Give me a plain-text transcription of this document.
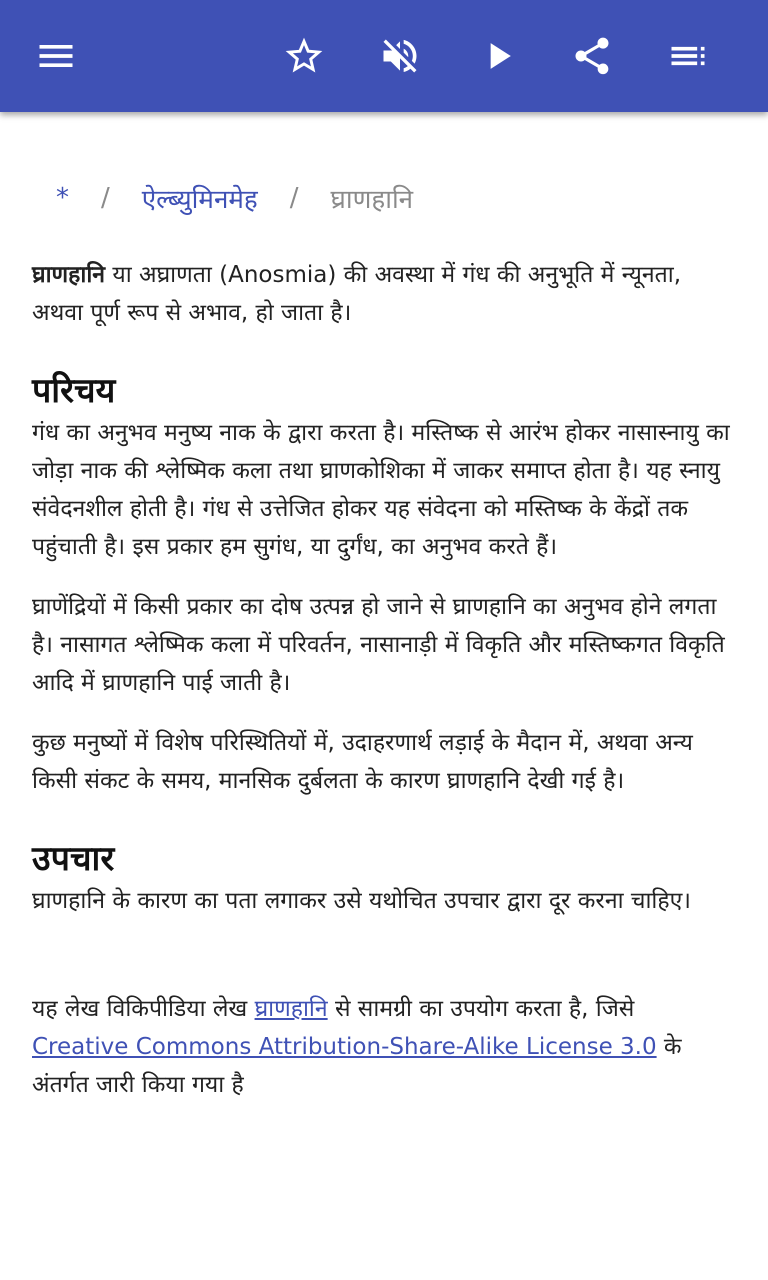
* / ऐल्ब्युमिनमेह / घ्राणहानि

घ्राणहानि या अघ्राणता (Anosmia) की अवस्था में गंध की अनुभूति में न्यूनता, अथवा पूर्ण रूप से अभाव, हो जाता है।

परिचय

गंध का अनुभव मनुष्य नाक के द्वारा करता है। मस्तिष्क से आरंभ होकर नासास्नायु का जोड़ा नाक की श्लेष्मिक कला तथा घ्राणकोशिका में जाकर समाप्त होता है। यह स्नायु संवेदनशील होती है। गंध से उत्तेजित होकर यह संवेदना को मस्तिष्क के केंद्रों तक पहुंचाती है। इस प्रकार हम सुगंध, या दुर्गंध, का अनुभव करते हैं।

घ्राणेंद्रियों में किसी प्रकार का दोष उत्पन्न हो जाने से घ्राणहानि का अनुभव होने लगता है। नासागत श्लेष्मिक कला में परिवर्तन, नासानाड़ी में विकृति और मस्तिष्कगत विकृति आदि में घ्राणहानि पाई जाती है।

कुछ मनुष्यों में विशेष परिस्थितियों में, उदाहरणार्थ लड़ाई के मैदान में, अथवा अन्य किसी संकट के समय, मानसिक दुर्बलता के कारण घ्राणहानि देखी गई है।

उपचार

घ्राणहानि के कारण का पता लगाकर उसे यथोचित उपचार द्वारा दूर करना चाहिए।

यह लेख विकिपीडिया लेख घ्राणहानि से सामग्री का उपयोग करता है, जिसे Creative Commons Attribution-Share-Alike License 3.0 के अंतर्गत जारी किया गया है
